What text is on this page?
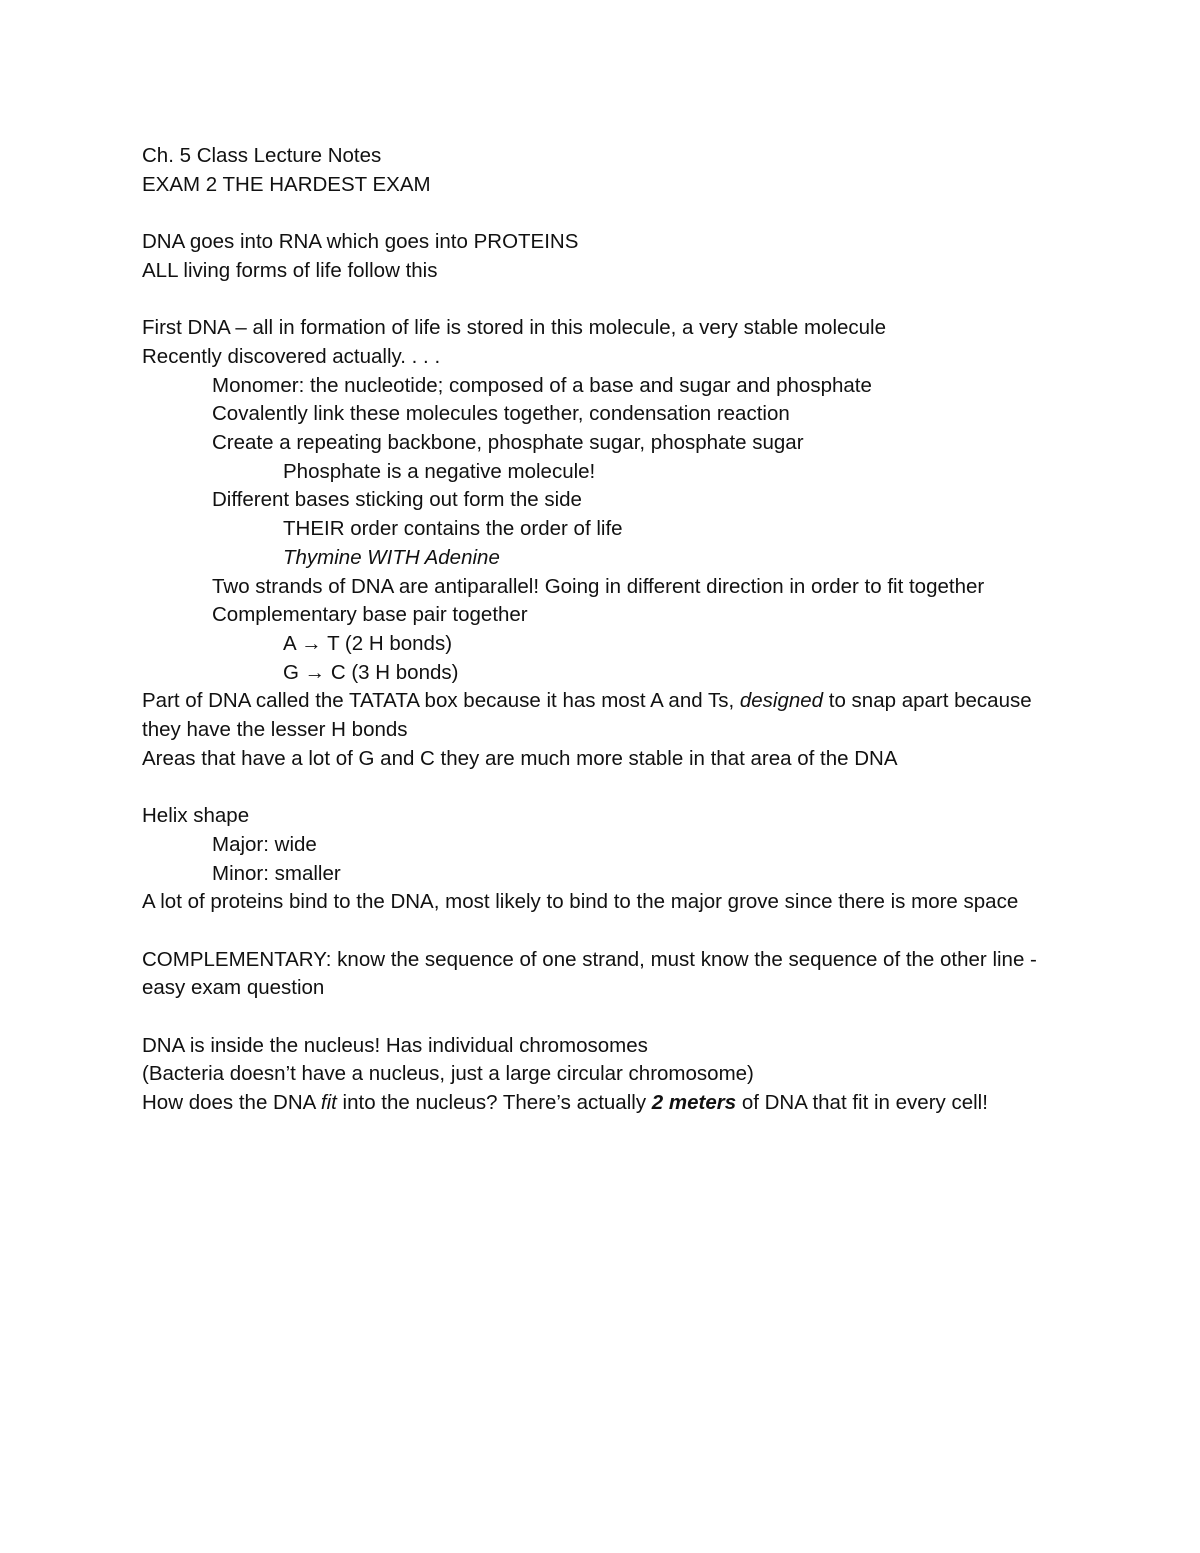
Ch. 5 Class Lecture Notes
EXAM 2 THE HARDEST EXAM
DNA goes into RNA which goes into PROTEINS
ALL living forms of life follow this
First DNA – all in formation of life is stored in this molecule, a very stable molecule
Recently discovered actually. . . .
Monomer: the nucleotide; composed of a base and sugar and phosphate
Covalently link these molecules together, condensation reaction
Create a repeating backbone, phosphate sugar, phosphate sugar
Phosphate is a negative molecule!
Different bases sticking out form the side
THEIR order contains the order of life
Thymine WITH Adenine
Two strands of DNA are antiparallel! Going in different direction in order to fit together
Complementary base pair together
A → T (2 H bonds)
G → C (3 H bonds)
Part of DNA called the TATATA box because it has most A and Ts, designed to snap apart because they have the lesser H bonds
Areas that have a lot of G and C they are much more stable in that area of the DNA
Helix shape
Major: wide
Minor: smaller
A lot of proteins bind to the DNA, most likely to bind to the major grove since there is more space
COMPLEMENTARY: know the sequence of one strand, must know the sequence of the other line - easy exam question
DNA is inside the nucleus! Has individual chromosomes
(Bacteria doesn’t have a nucleus, just a large circular chromosome)
How does the DNA fit into the nucleus? There’s actually 2 meters of DNA that fit in every cell!
